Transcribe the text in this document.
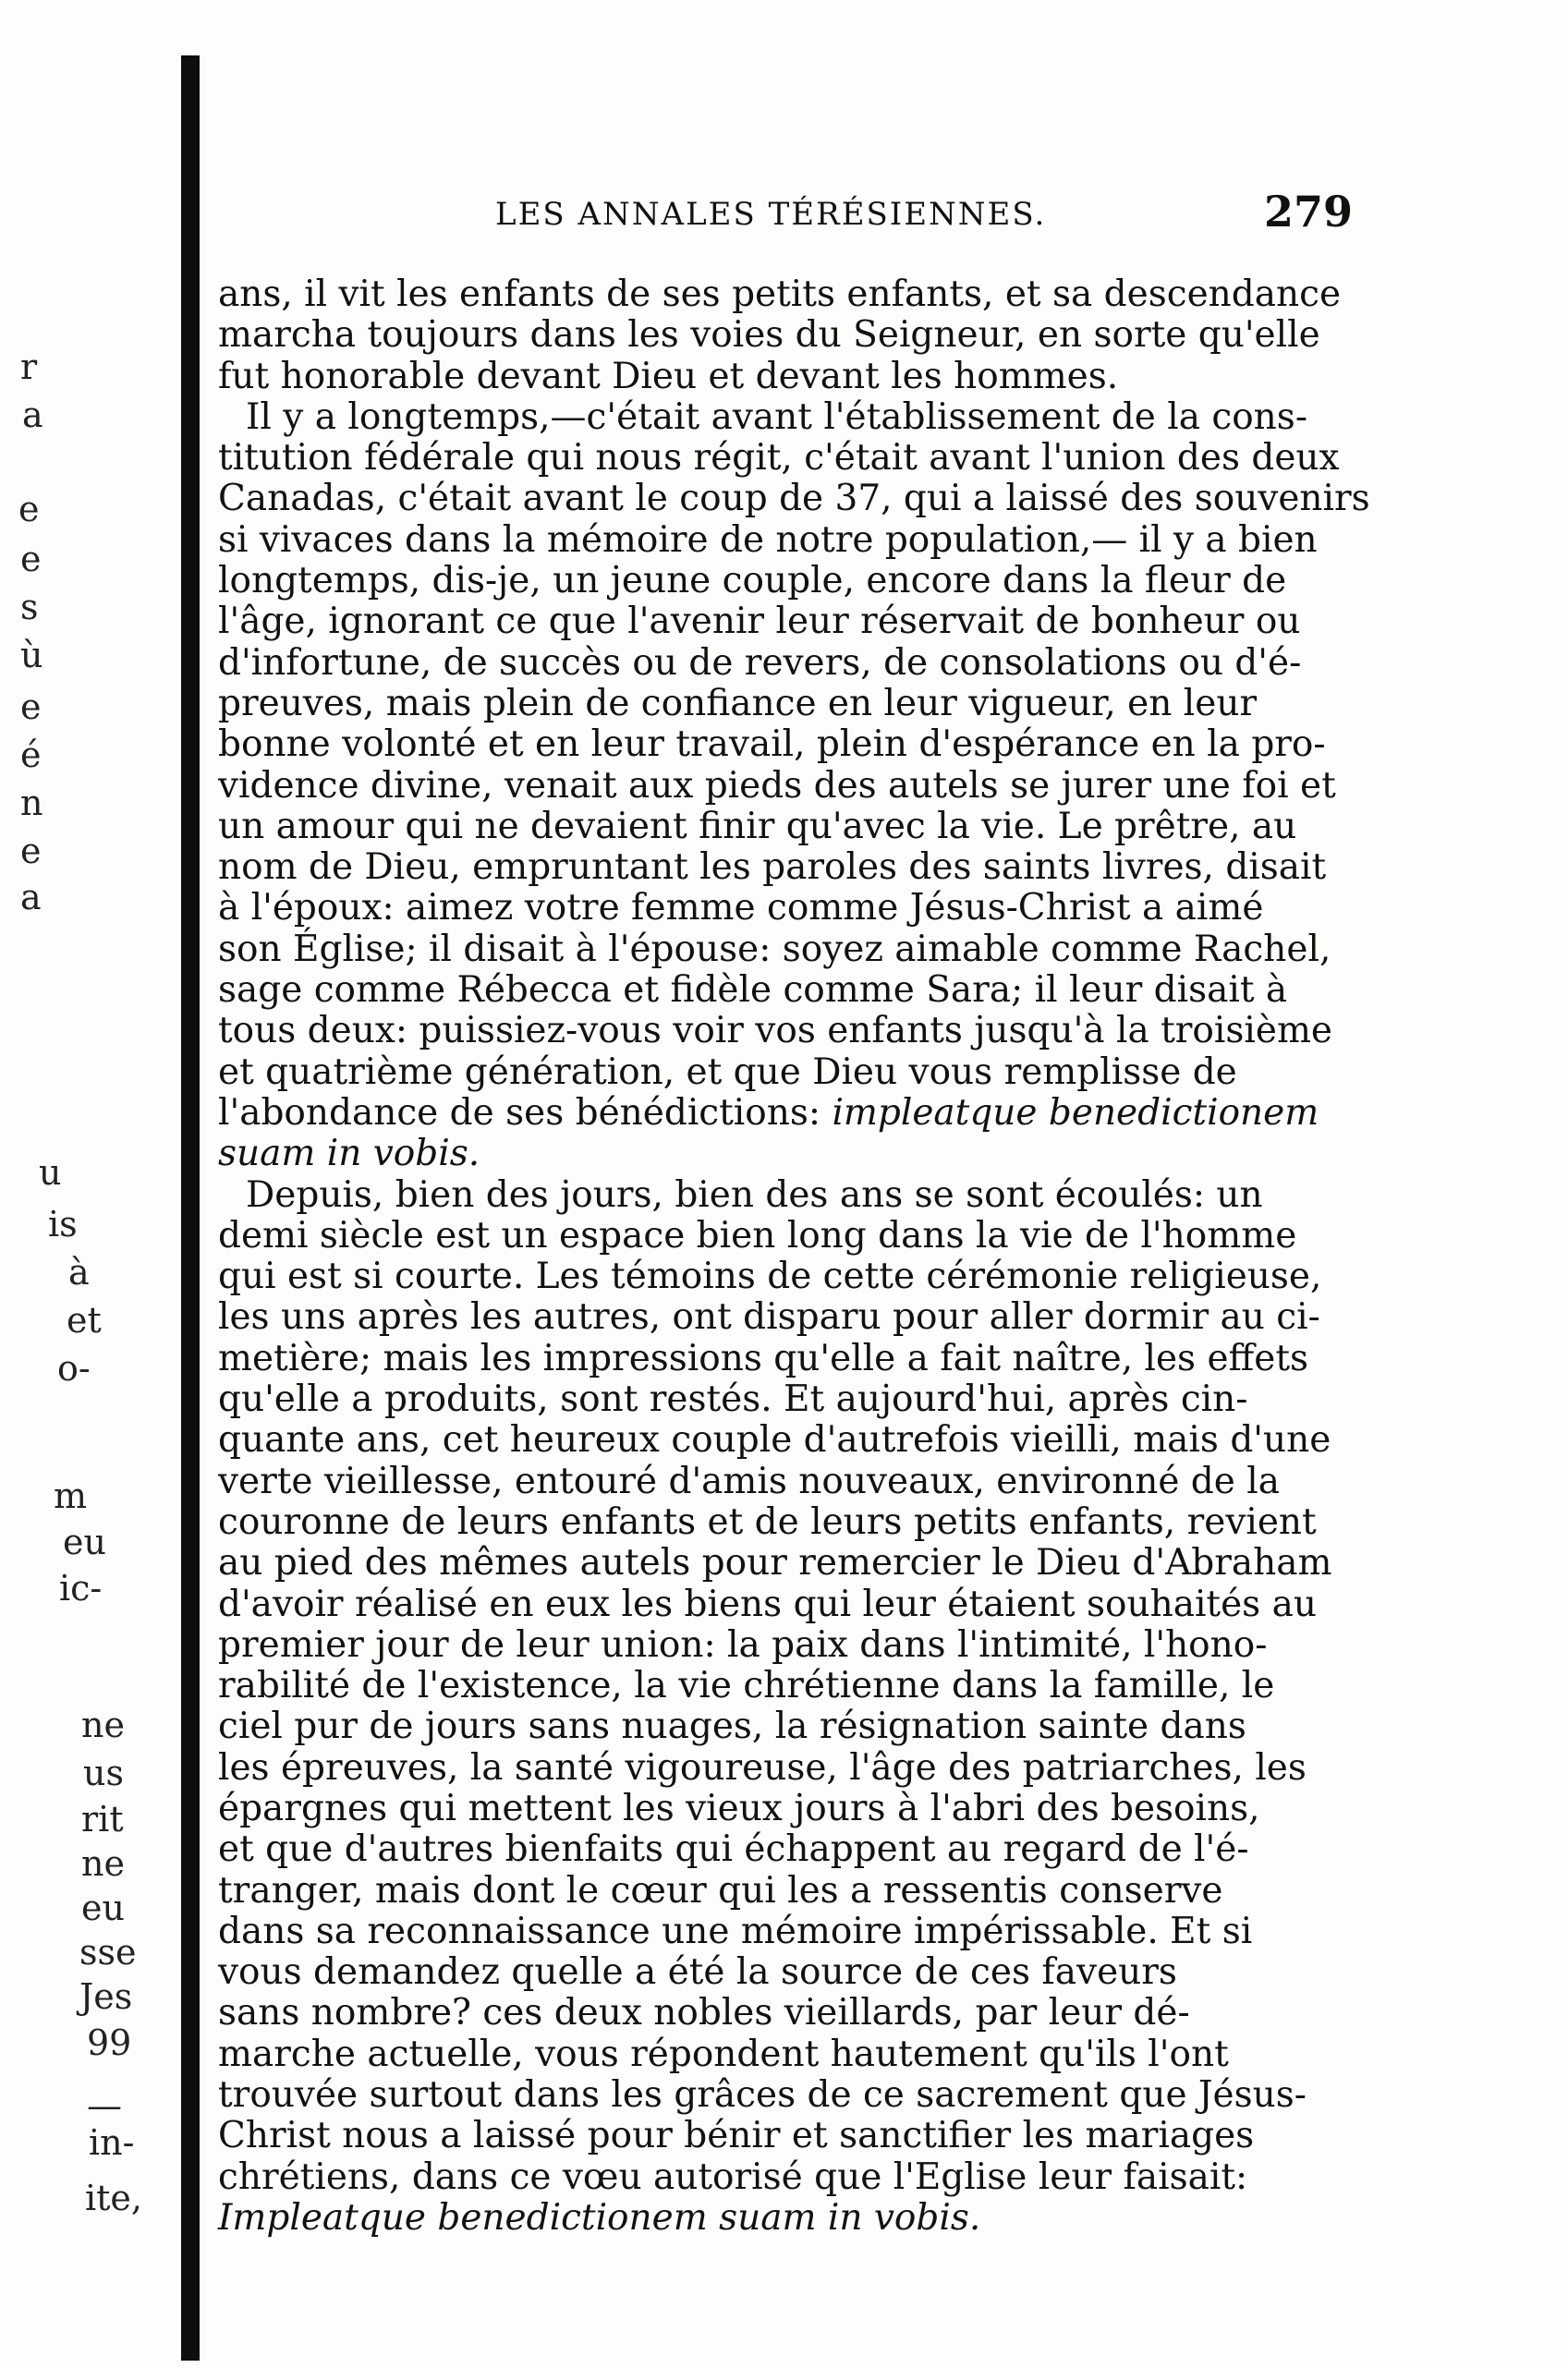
r
a
e
e
s
ù
e
é
n
e
a
u
is
à
et
o-
m
eu
ic-
ne
us
rit
ne
eu
sse
Jes
99
—
in-
ite,
LES ANNALES TÉRÉSIENNES.	279
ans, il vit les enfants de ses petits enfants, et sa descendance
marcha toujours dans les voies du Seigneur, en sorte qu'elle
fut honorable devant Dieu et devant les hommes.
Il y a longtemps,—c'était avant l'établissement de la cons-
titution fédérale qui nous régit, c'était avant l'union des deux
Canadas, c'était avant le coup de 37, qui a laissé des souvenirs
si vivaces dans la mémoire de notre population,— il y a bien
longtemps, dis-je, un jeune couple, encore dans la fleur de
l'âge, ignorant ce que l'avenir leur réservait de bonheur ou
d'infortune, de succès ou de revers, de consolations ou d'é-
preuves, mais plein de confiance en leur vigueur, en leur
bonne volonté et en leur travail, plein d'espérance en la pro-
vidence divine, venait aux pieds des autels se jurer une foi et
un amour qui ne devaient finir qu'avec la vie. Le prêtre, au
nom de Dieu, empruntant les paroles des saints livres, disait
à l'époux: aimez votre femme comme Jésus-Christ a aimé
son Église; il disait à l'épouse: soyez aimable comme Rachel,
sage comme Rébecca et fidèle comme Sara; il leur disait à
tous deux: puissiez-vous voir vos enfants jusqu'à la troisième
et quatrième génération, et que Dieu vous remplisse de
l'abondance de ses bénédictions: impleatque benedictionem
suam in vobis.
Depuis, bien des jours, bien des ans se sont écoulés: un
demi siècle est un espace bien long dans la vie de l'homme
qui est si courte. Les témoins de cette cérémonie religieuse,
les uns après les autres, ont disparu pour aller dormir au ci-
metière; mais les impressions qu'elle a fait naître, les effets
qu'elle a produits, sont restés. Et aujourd'hui, après cin-
quante ans, cet heureux couple d'autrefois vieilli, mais d'une
verte vieillesse, entouré d'amis nouveaux, environné de la
couronne de leurs enfants et de leurs petits enfants, revient
au pied des mêmes autels pour remercier le Dieu d'Abraham
d'avoir réalisé en eux les biens qui leur étaient souhaités au
premier jour de leur union: la paix dans l'intimité, l'hono-
rabilité de l'existence, la vie chrétienne dans la famille, le
ciel pur de jours sans nuages, la résignation sainte dans
les épreuves, la santé vigoureuse, l'âge des patriarches, les
épargnes qui mettent les vieux jours à l'abri des besoins,
et que d'autres bienfaits qui échappent au regard de l'é-
tranger, mais dont le cœur qui les a ressentis conserve
dans sa reconnaissance une mémoire impérissable. Et si
vous demandez quelle a été la source de ces faveurs
sans nombre? ces deux nobles vieillards, par leur dé-
marche actuelle, vous répondent hautement qu'ils l'ont
trouvée surtout dans les grâces de ce sacrement que Jésus-
Christ nous a laissé pour bénir et sanctifier les mariages
chrétiens, dans ce vœu autorisé que l'Eglise leur faisait:
Impleatque benedictionem suam in vobis.
